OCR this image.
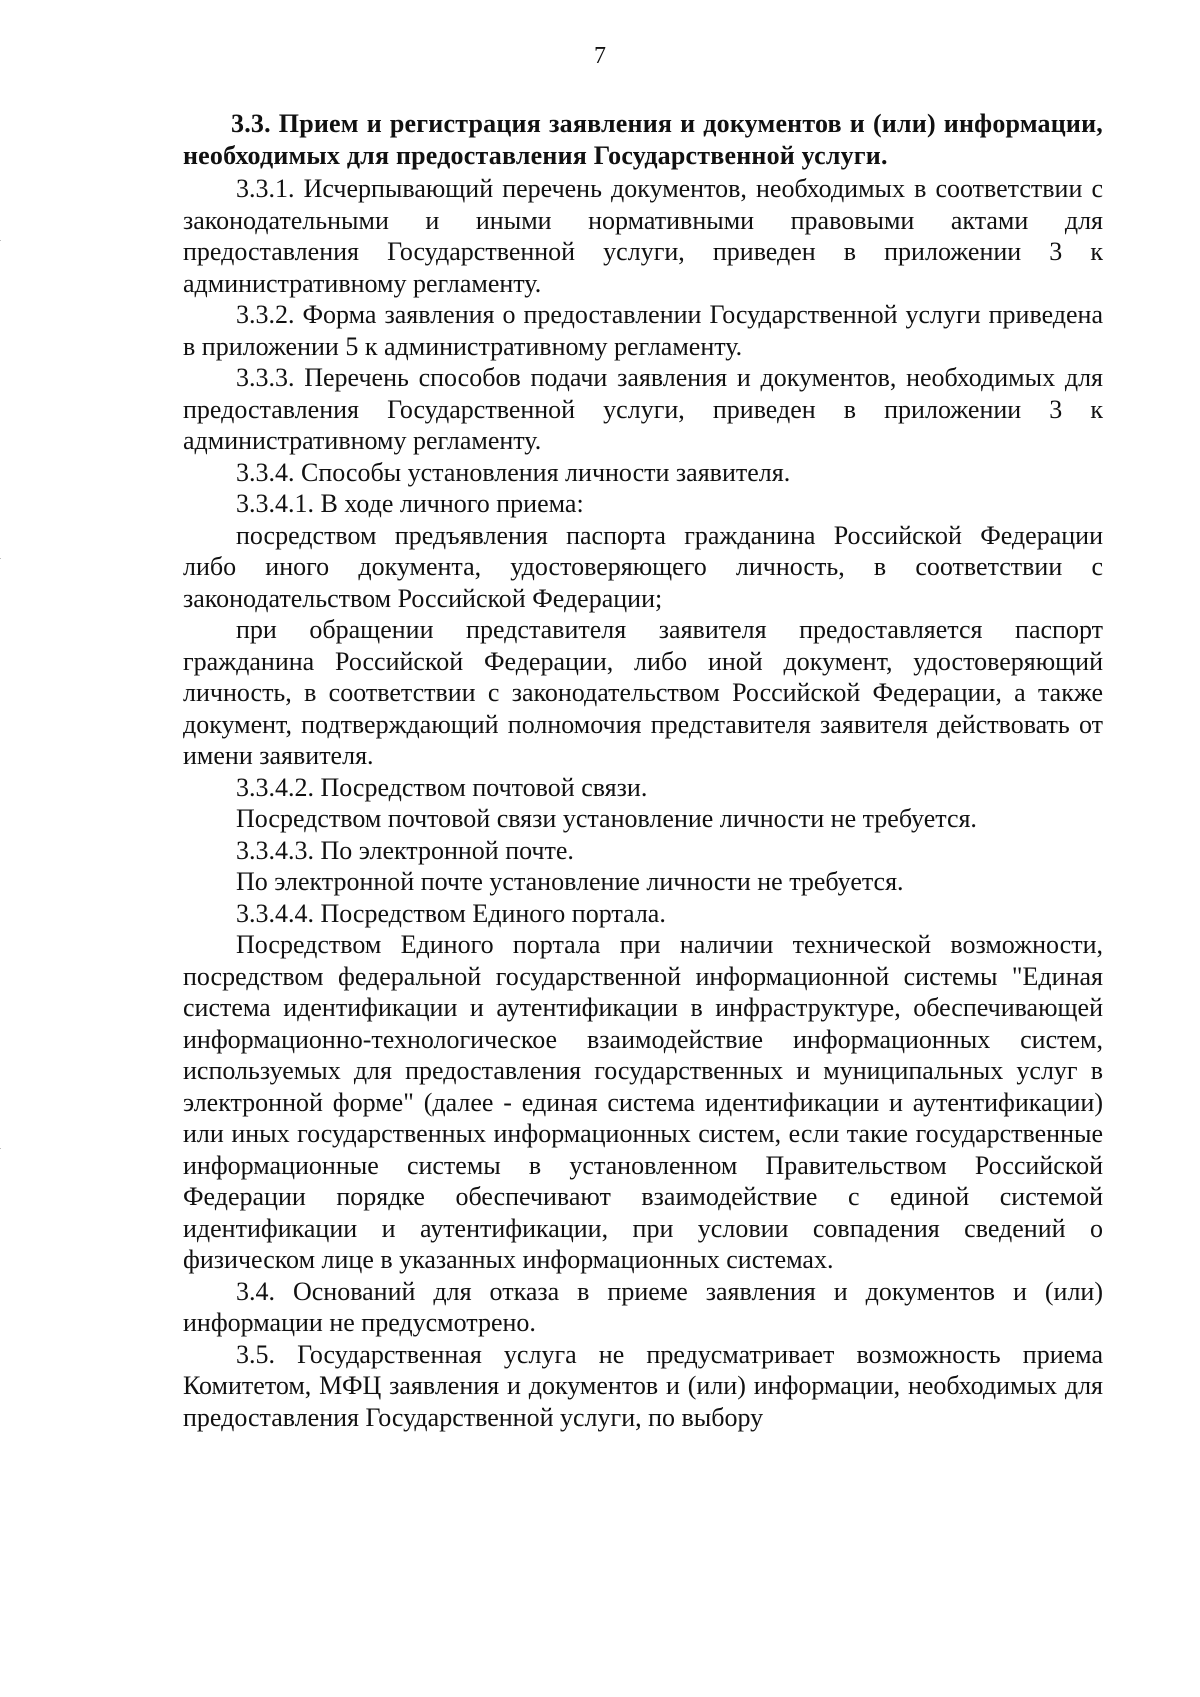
7

3.3. Прием и регистрация заявления и документов и (или) информации, необходимых для предоставления Государственной услуги.

3.3.1. Исчерпывающий перечень документов, необходимых в соответствии с законодательными и иными нормативными правовыми актами для предоставления Государственной услуги, приведен в приложении 3 к административному регламенту.

3.3.2. Форма заявления о предоставлении Государственной услуги приведена в приложении 5 к административному регламенту.

3.3.3. Перечень способов подачи заявления и документов, необходимых для предоставления Государственной услуги, приведен в приложении 3 к административному регламенту.

3.3.4. Способы установления личности заявителя.

3.3.4.1. В ходе личного приема:

посредством предъявления паспорта гражданина Российской Федерации либо иного документа, удостоверяющего личность, в соответствии с законодательством Российской Федерации;

при обращении представителя заявителя предоставляется паспорт гражданина Российской Федерации, либо иной документ, удостоверяющий личность, в соответствии с законодательством Российской Федерации, а также документ, подтверждающий полномочия представителя заявителя действовать от имени заявителя.

3.3.4.2. Посредством почтовой связи.

Посредством почтовой связи установление личности не требуется.

3.3.4.3. По электронной почте.

По электронной почте установление личности не требуется.

3.3.4.4. Посредством Единого портала.

Посредством Единого портала при наличии технической возможности, посредством федеральной государственной информационной системы "Единая система идентификации и аутентификации в инфраструктуре, обеспечивающей информационно-технологическое взаимодействие информационных систем, используемых для предоставления государственных и муниципальных услуг в электронной форме" (далее - единая система идентификации и аутентификации) или иных государственных информационных систем, если такие государственные информационные системы в установленном Правительством Российской Федерации порядке обеспечивают взаимодействие с единой системой идентификации и аутентификации, при условии совпадения сведений о физическом лице в указанных информационных системах.

3.4. Оснований для отказа в приеме заявления и документов и (или) информации не предусмотрено.

3.5. Государственная услуга не предусматривает возможность приема Комитетом, МФЦ заявления и документов и (или) информации, необходимых для предоставления Государственной услуги, по выбору
